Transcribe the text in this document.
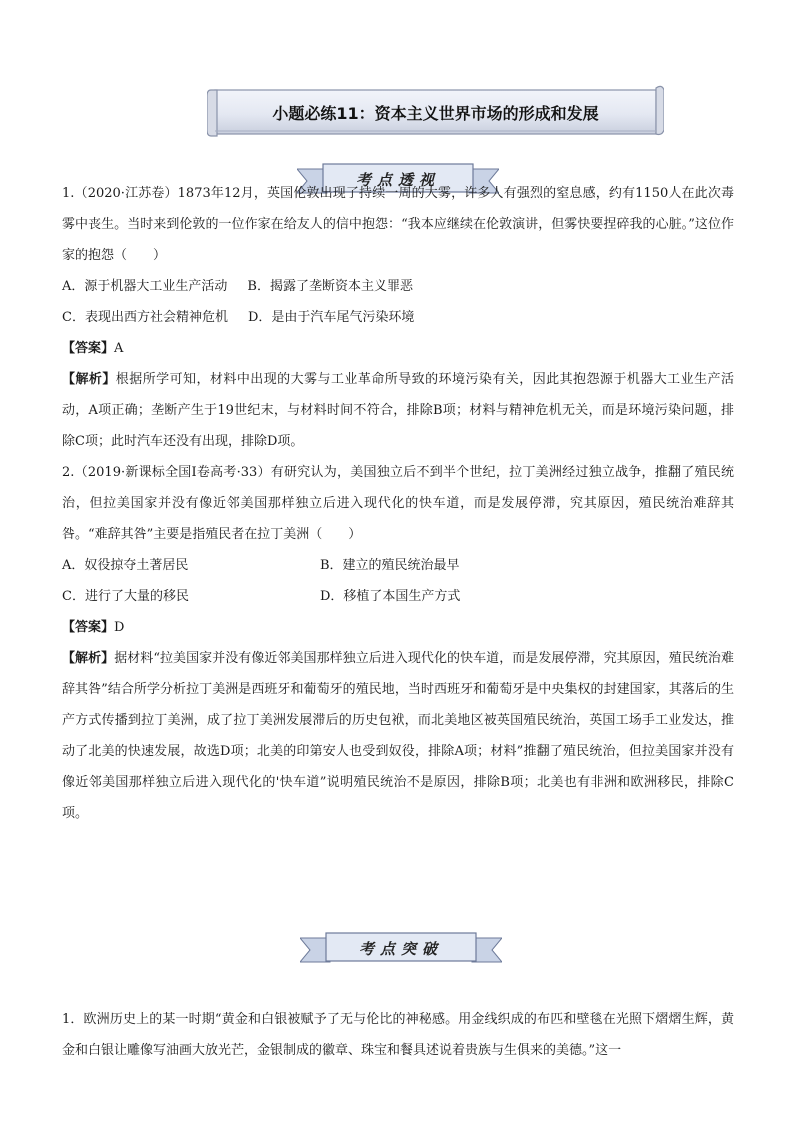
小题必练11：资本主义世界市场的形成和发展
考点透视

1.（2020·江苏卷）1873年12月，英国伦敦出现了持续一周的大雾，许多人有强烈的窒息感，约有1150人在此次毒雾中丧生。当时来到伦敦的一位作家在给友人的信中抱怨：“我本应继续在伦敦演讲，但雾快要捏碎我的心脏。”这位作家的抱怨（　　）

A．源于机器大工业生产活动 B．揭露了垄断资本主义罪恶

C．表现出西方社会精神危机 D．是由于汽车尾气污染环境

【答案】A

【解析】根据所学可知，材料中出现的大雾与工业革命所导致的环境污染有关，因此其抱怨源于机器大工业生产活动，A项正确；垄断产生于19世纪末，与材料时间不符合，排除B项；材料与精神危机无关，而是环境污染问题，排除C项；此时汽车还没有出现，排除D项。

2.（2019·新课标全国Ⅰ卷高考·33）有研究认为，美国独立后不到半个世纪，拉丁美洲经过独立战争，推翻了殖民统治，但拉美国家并没有像近邻美国那样独立后进入现代化的快车道，而是发展停滞，究其原因，殖民统治难辞其咎。“难辞其咎”主要是指殖民者在拉丁美洲（　　）

A．奴役掠夺土著居民	B．建立的殖民统治最早

C．进行了大量的移民	D．移植了本国生产方式

【答案】D

【解析】据材料“拉美国家并没有像近邻美国那样独立后进入现代化的快车道，而是发展停滞，究其原因，殖民统治难辞其咎”结合所学分析拉丁美洲是西班牙和葡萄牙的殖民地，当时西班牙和葡萄牙是中央集权的封建国家，其落后的生产方式传播到拉丁美洲，成了拉丁美洲发展滞后的历史包袱，而北美地区被英国殖民统治，英国工场手工业发达，推动了北美的快速发展，故选D项；北美的印第安人也受到奴役，排除A项；材料”推翻了殖民统治，但拉美国家并没有像近邻美国那样独立后进入现代化的'快车道”说明殖民统治不是原因，排除B项；北美也有非洲和欧洲移民，排除C项。

考点突破

1．欧洲历史上的某一时期“黄金和白银被赋予了无与伦比的神秘感。用金线织成的布匹和壁毯在光照下熠熠生辉，黄金和白银让雕像写油画大放光芒，金银制成的徽章、珠宝和餐具述说着贵族与生俱来的美德。”这一
